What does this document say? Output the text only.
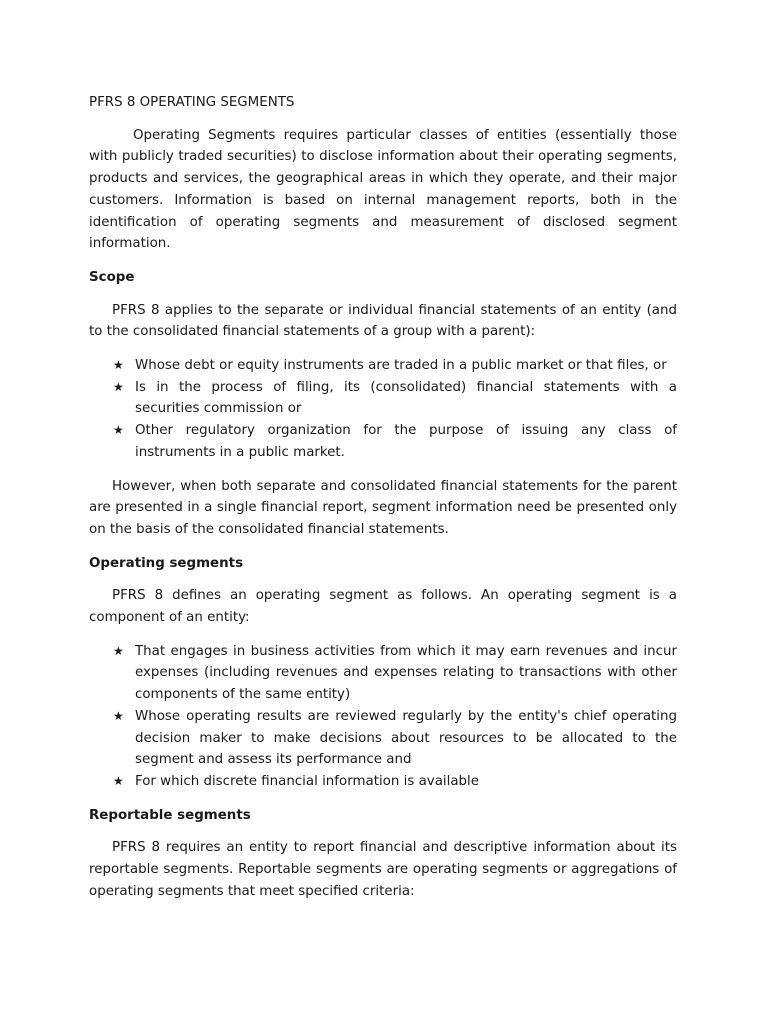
PFRS 8 OPERATING SEGMENTS

Operating Segments requires particular classes of entities (essentially those with publicly traded securities) to disclose information about their operating segments, products and services, the geographical areas in which they operate, and their major customers. Information is based on internal management reports, both in the identification of operating segments and measurement of disclosed segment information.

Scope

PFRS 8 applies to the separate or individual financial statements of an entity (and to the consolidated financial statements of a group with a parent):

★ Whose debt or equity instruments are traded in a public market or that files, or
★ Is in the process of filing, its (consolidated) financial statements with a securities commission or
★ Other regulatory organization for the purpose of issuing any class of instruments in a public market.

However, when both separate and consolidated financial statements for the parent are presented in a single financial report, segment information need be presented only on the basis of the consolidated financial statements.

Operating segments

PFRS 8 defines an operating segment as follows. An operating segment is a component of an entity:

★ That engages in business activities from which it may earn revenues and incur expenses (including revenues and expenses relating to transactions with other components of the same entity)
★ Whose operating results are reviewed regularly by the entity's chief operating decision maker to make decisions about resources to be allocated to the segment and assess its performance and
★ For which discrete financial information is available

Reportable segments

PFRS 8 requires an entity to report financial and descriptive information about its reportable segments. Reportable segments are operating segments or aggregations of operating segments that meet specified criteria:
